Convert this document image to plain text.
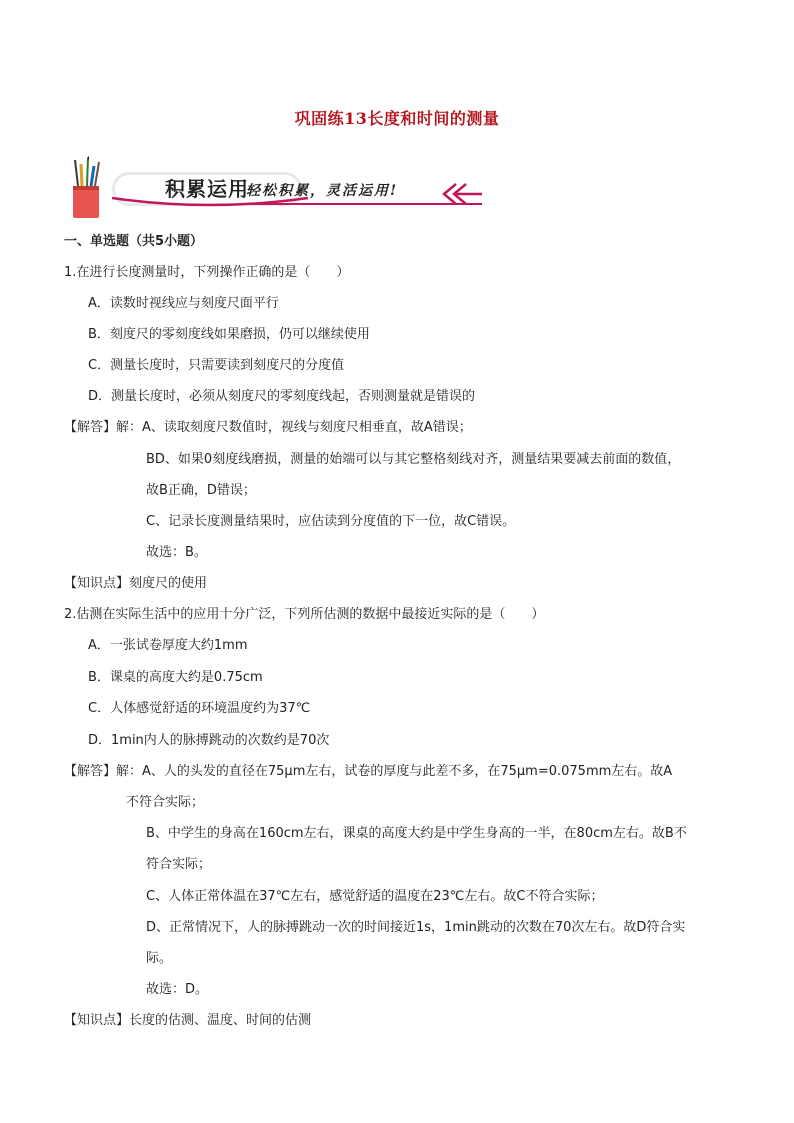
巩固练13长度和时间的测量
积累运用
轻松积累，灵活运用!
一、单选题（共5小题）
1.在进行长度测量时，下列操作正确的是（　　）
A．读数时视线应与刻度尺面平行
B．刻度尺的零刻度线如果磨损，仍可以继续使用
C．测量长度时，只需要读到刻度尺的分度值
D．测量长度时，必须从刻度尺的零刻度线起，否则测量就是错误的
【解答】解：A、读取刻度尺数值时，视线与刻度尺相垂直，故A错误；
BD、如果0刻度线磨损，测量的始端可以与其它整格刻线对齐，测量结果要减去前面的数值，
故B正确，D错误；
C、记录长度测量结果时，应估读到分度值的下一位，故C错误。
故选：B。
【知识点】刻度尺的使用
2.估测在实际生活中的应用十分广泛，下列所估测的数据中最接近实际的是（　　）
A．一张试卷厚度大约1mm
B．课桌的高度大约是0.75cm
C．人体感觉舒适的环境温度约为37℃
D．1min内人的脉搏跳动的次数约是70次
【解答】解：A、人的头发的直径在75μm左右，试卷的厚度与此差不多，在75μm=0.075mm左右。故A
不符合实际；
B、中学生的身高在160cm左右，课桌的高度大约是中学生身高的一半，在80cm左右。故B不
符合实际；
C、人体正常体温在37℃左右，感觉舒适的温度在23℃左右。故C不符合实际；
D、正常情况下，人的脉搏跳动一次的时间接近1s，1min跳动的次数在70次左右。故D符合实
际。
故选：D。
【知识点】长度的估测、温度、时间的估测
